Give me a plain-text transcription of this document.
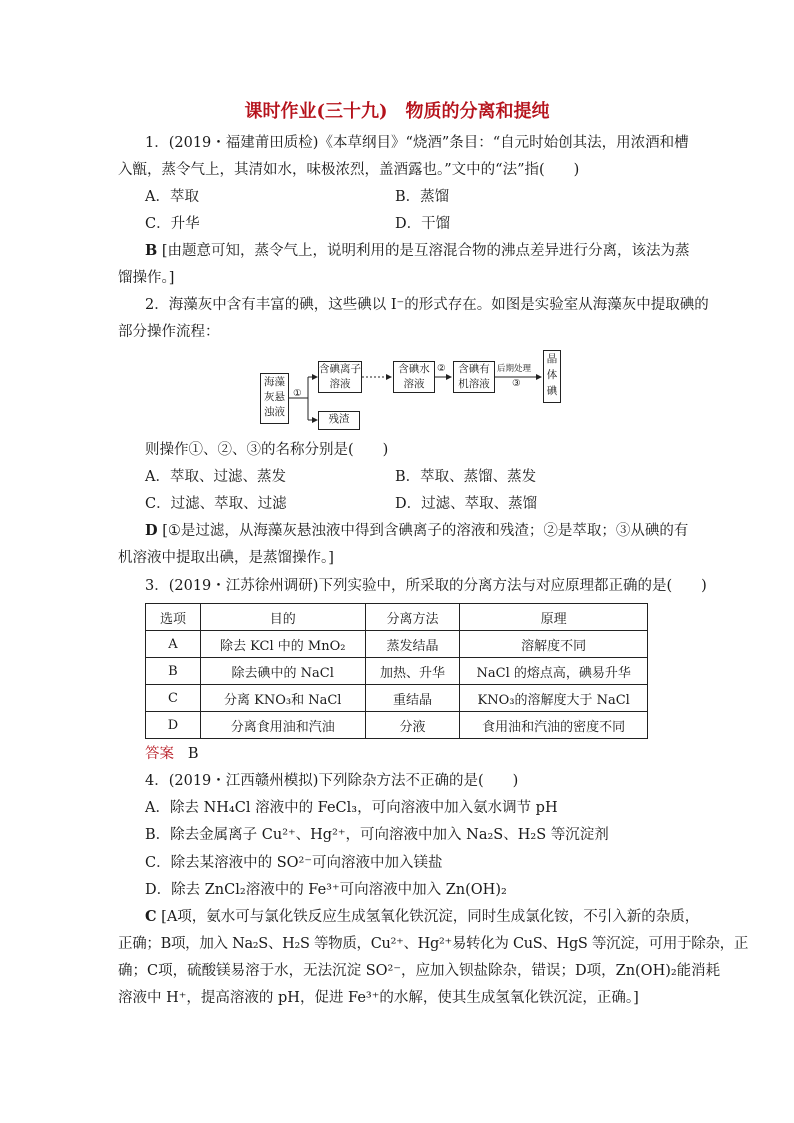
课时作业(三十九)　物质的分离和提纯
1．(2019・福建莆田质检)《本草纲目》“烧酒”条目：“自元时始创其法，用浓酒和槽
入甑，蒸令气上，其清如水，味极浓烈，盖酒露也。”文中的“法”指(　　)
A．萃取	B．蒸馏
C．升华	D．干馏
B [由题意可知，蒸令气上，说明利用的是互溶混合物的沸点差异进行分离，该法为蒸
馏操作。]
2．海藻灰中含有丰富的碘，这些碘以 I⁻的形式存在。如图是实验室从海藻灰中提取碘的
部分操作流程：
海藻灰悬浊液
含碘离子溶液
残渣
含碘水溶液
含碘有机溶液
晶体碘
①
②	后期处理
③
则操作①、②、③的名称分别是(　　)
A．萃取、过滤、蒸发	B．萃取、蒸馏、蒸发
C．过滤、萃取、过滤	D．过滤、萃取、蒸馏
D [①是过滤，从海藻灰悬浊液中得到含碘离子的溶液和残渣；②是萃取；③从碘的有
机溶液中提取出碘，是蒸馏操作。]
3．(2019・江苏徐州调研)下列实验中，所采取的分离方法与对应原理都正确的是(　　)
选项	目的	分离方法	原理
A	除去 KCl 中的 MnO₂	蒸发结晶	溶解度不同
B	除去碘中的 NaCl	加热、升华	NaCl 的熔点高，碘易升华
C	分离 KNO₃和 NaCl	重结晶	KNO₃的溶解度大于 NaCl
D	分离食用油和汽油	分液	食用油和汽油的密度不同
答案 B
4．(2019・江西赣州模拟)下列除杂方法不正确的是(　　)
A．除去 NH₄Cl 溶液中的 FeCl₃，可向溶液中加入氨水调节 pH
B．除去金属离子 Cu²⁺、Hg²⁺，可向溶液中加入 Na₂S、H₂S 等沉淀剂
C．除去某溶液中的 SO²⁻可向溶液中加入镁盐
D．除去 ZnCl₂溶液中的 Fe³⁺可向溶液中加入 Zn(OH)₂
C [A项，氨水可与氯化铁反应生成氢氧化铁沉淀，同时生成氯化铵，不引入新的杂质，
正确；B项，加入 Na₂S、H₂S 等物质，Cu²⁺、Hg²⁺易转化为 CuS、HgS 等沉淀，可用于除杂，正
确；C项，硫酸镁易溶于水，无法沉淀 SO²⁻，应加入钡盐除杂，错误；D项，Zn(OH)₂能消耗
溶液中 H⁺，提高溶液的 pH，促进 Fe³⁺的水解，使其生成氢氧化铁沉淀，正确。]
